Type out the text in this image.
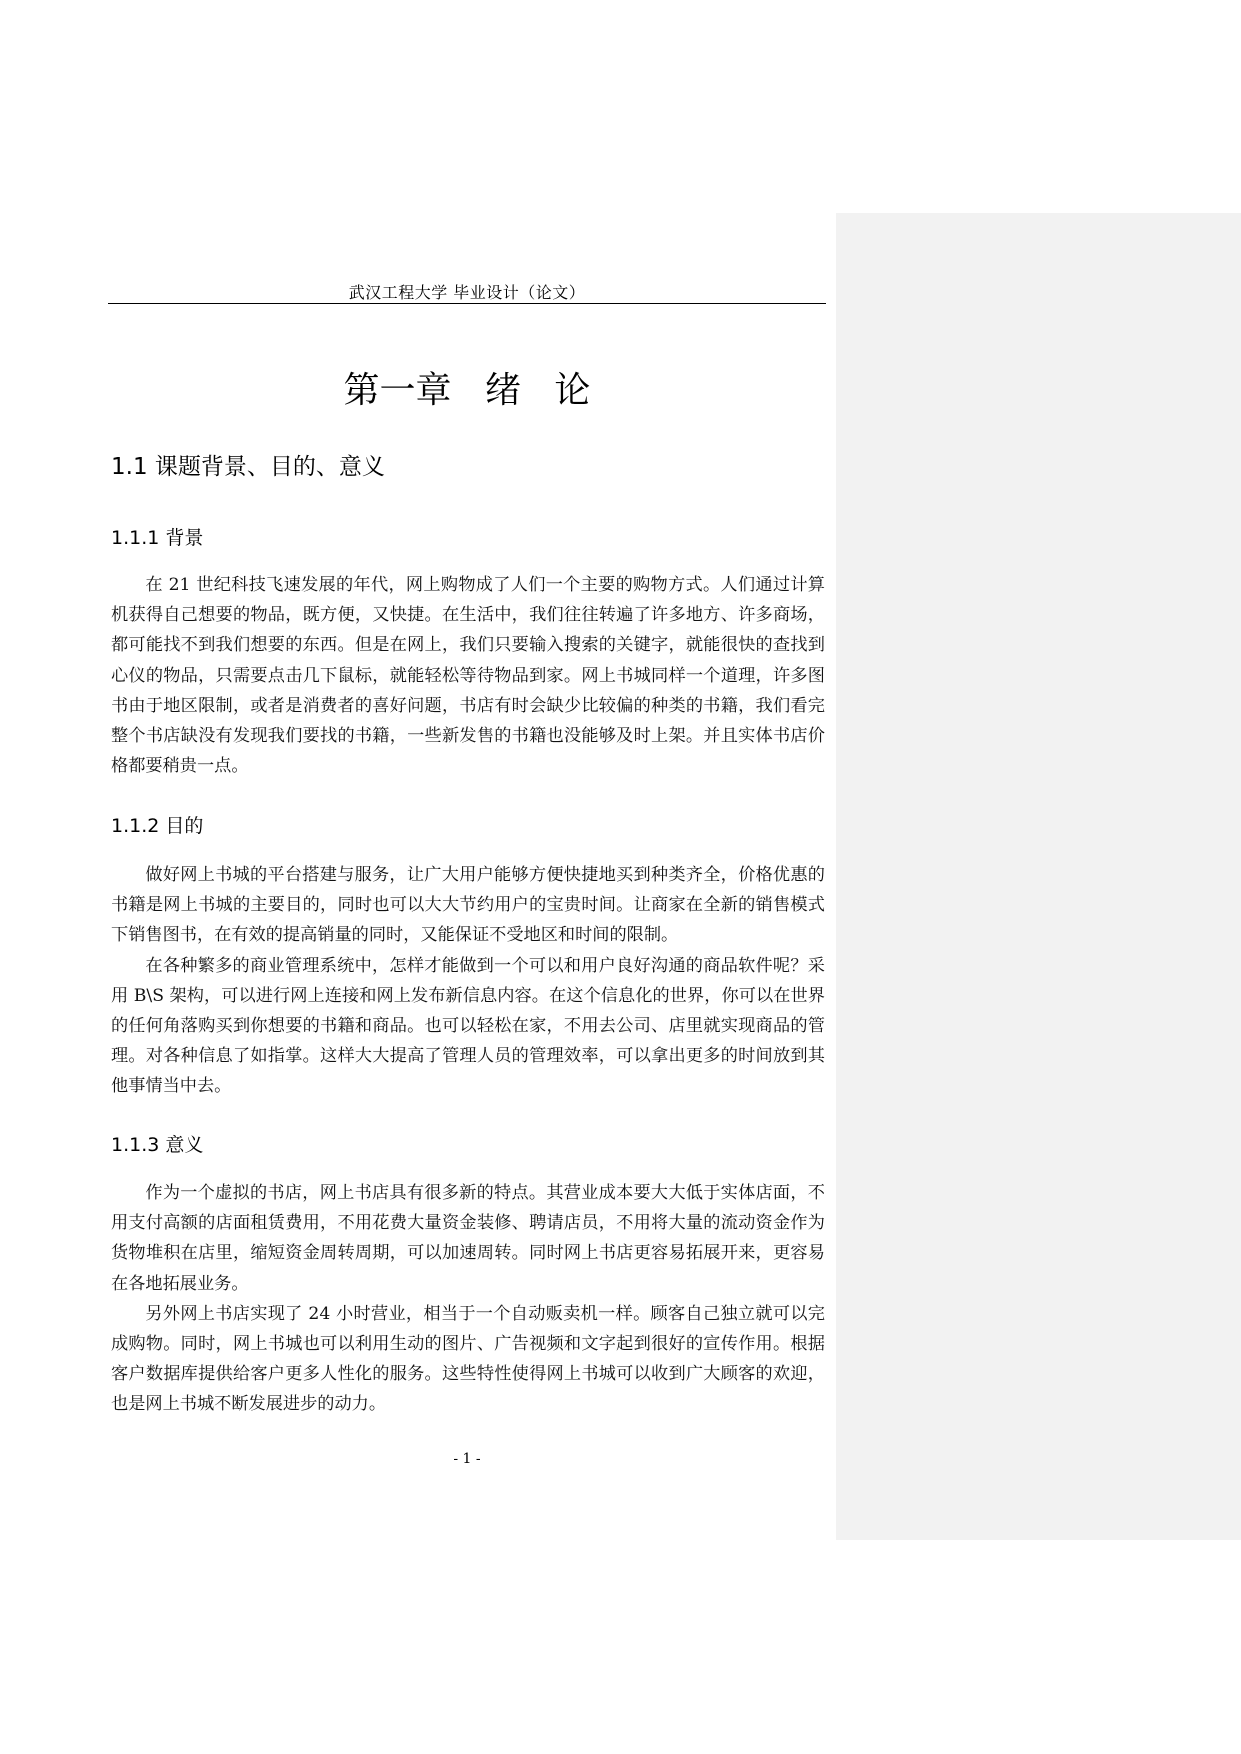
武汉工程大学 毕业设计（论文）
第一章 绪 论
1.1 课题背景、目的、意义
1.1.1 背景

在 21 世纪科技飞速发展的年代，网上购物成了人们一个主要的购物方式。人们通过计算机获得自己想要的物品，既方便，又快捷。在生活中，我们往往转遍了许多地方、许多商场，都可能找不到我们想要的东西。但是在网上，我们只要输入搜索的关键字，就能很快的查找到心仪的物品，只需要点击几下鼠标，就能轻松等待物品到家。网上书城同样一个道理，许多图书由于地区限制，或者是消费者的喜好问题，书店有时会缺少比较偏的种类的书籍，我们看完整个书店缺没有发现我们要找的书籍，一些新发售的书籍也没能够及时上架。并且实体书店价格都要稍贵一点。

1.1.2 目的

做好网上书城的平台搭建与服务，让广大用户能够方便快捷地买到种类齐全，价格优惠的书籍是网上书城的主要目的，同时也可以大大节约用户的宝贵时间。让商家在全新的销售模式下销售图书，在有效的提高销量的同时，又能保证不受地区和时间的限制。

在各种繁多的商业管理系统中，怎样才能做到一个可以和用户良好沟通的商品软件呢？采用 B\S 架构，可以进行网上连接和网上发布新信息内容。在这个信息化的世界，你可以在世界的任何角落购买到你想要的书籍和商品。也可以轻松在家，不用去公司、店里就实现商品的管理。对各种信息了如指掌。这样大大提高了管理人员的管理效率，可以拿出更多的时间放到其他事情当中去。

1.1.3 意义

作为一个虚拟的书店，网上书店具有很多新的特点。其营业成本要大大低于实体店面，不用支付高额的店面租赁费用，不用花费大量资金装修、聘请店员，不用将大量的流动资金作为货物堆积在店里，缩短资金周转周期，可以加速周转。同时网上书店更容易拓展开来，更容易在各地拓展业务。

另外网上书店实现了 24 小时营业，相当于一个自动贩卖机一样。顾客自己独立就可以完成购物。同时，网上书城也可以利用生动的图片、广告视频和文字起到很好的宣传作用。根据客户数据库提供给客户更多人性化的服务。这些特性使得网上书城可以收到广大顾客的欢迎，也是网上书城不断发展进步的动力。

- 1 -
